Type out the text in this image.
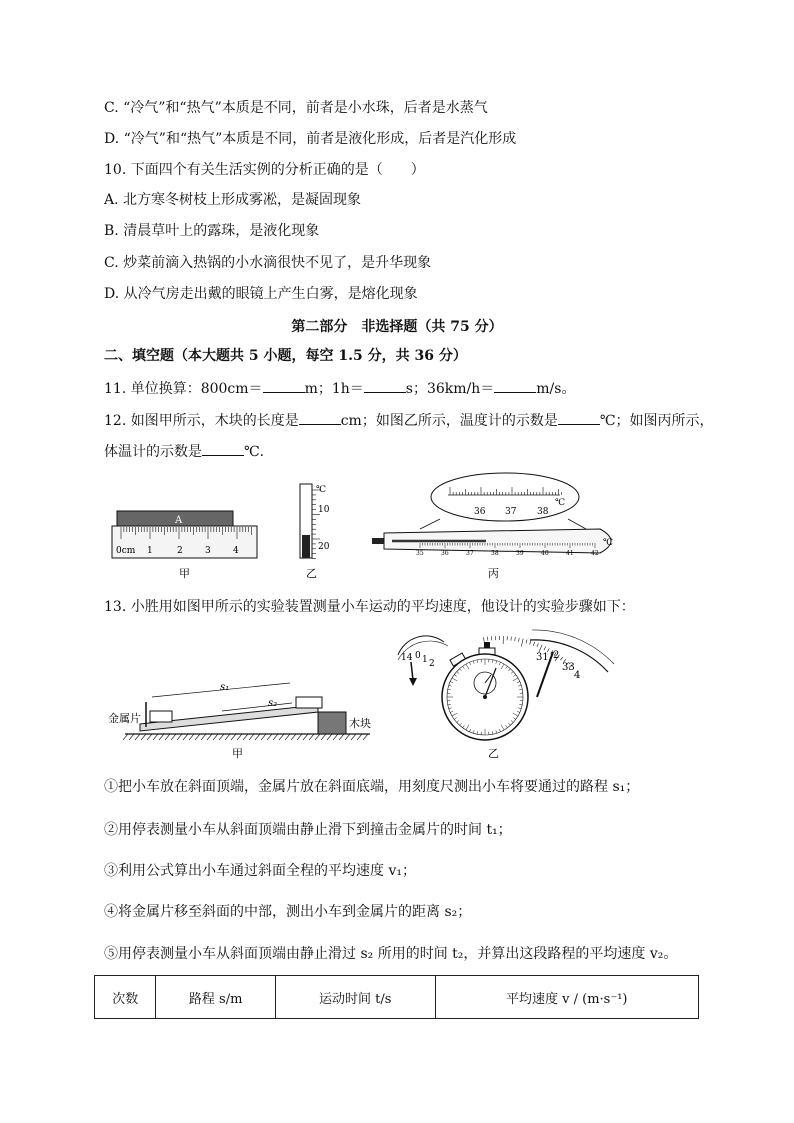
C. “冷气”和“热气”本质是不同，前者是小水珠，后者是水蒸气
D. “冷气”和“热气”本质是不同，前者是液化形成，后者是汽化形成
10. 下面四个有关生活实例的分析正确的是（　　）
A. 北方寒冬树枝上形成雾凇，是凝固现象
B. 清晨草叶上的露珠，是液化现象
C. 炒菜前滴入热锅的小水滴很快不见了，是升华现象
D. 从冷气房走出戴的眼镜上产生白雾，是熔化现象
第二部分　非选择题（共 75 分）
二、填空题（本大题共 5 小题，每空 1.5 分，共 36 分）
11. 单位换算：800cm＝	m；1h＝	s；36km/h＝	m/s。
12. 如图甲所示，木块的长度是	cm；如图乙所示，温度计的示数是	℃；如图丙所示，
体温计的示数是	℃.
A
0cm 1	2 3 4
甲
℃
10
20
乙
℃
36 37 38
35	36	37	38	39	40	41	42
℃
丙
13. 小胜用如图甲所示的实验装置测量小车运动的平均速度，他设计的实验步骤如下：
s₁
s₂
金属片	木块
甲
14 0 1 2
31 2
33
4
乙
①把小车放在斜面顶端，金属片放在斜面底端，用刻度尺测出小车将要通过的路程 s₁；
②用停表测量小车从斜面顶端由静止滑下到撞击金属片的时间 t₁；
③利用公式算出小车通过斜面全程的平均速度 v₁；
④将金属片移至斜面的中部，测出小车到金属片的距离 s₂；
⑤用停表测量小车从斜面顶端由静止滑过 s₂ 所用的时间 t₂，并算出这段路程的平均速度 v₂。
次数	路程 s/m	运动时间 t/s	平均速度 v / (m·s⁻¹)
